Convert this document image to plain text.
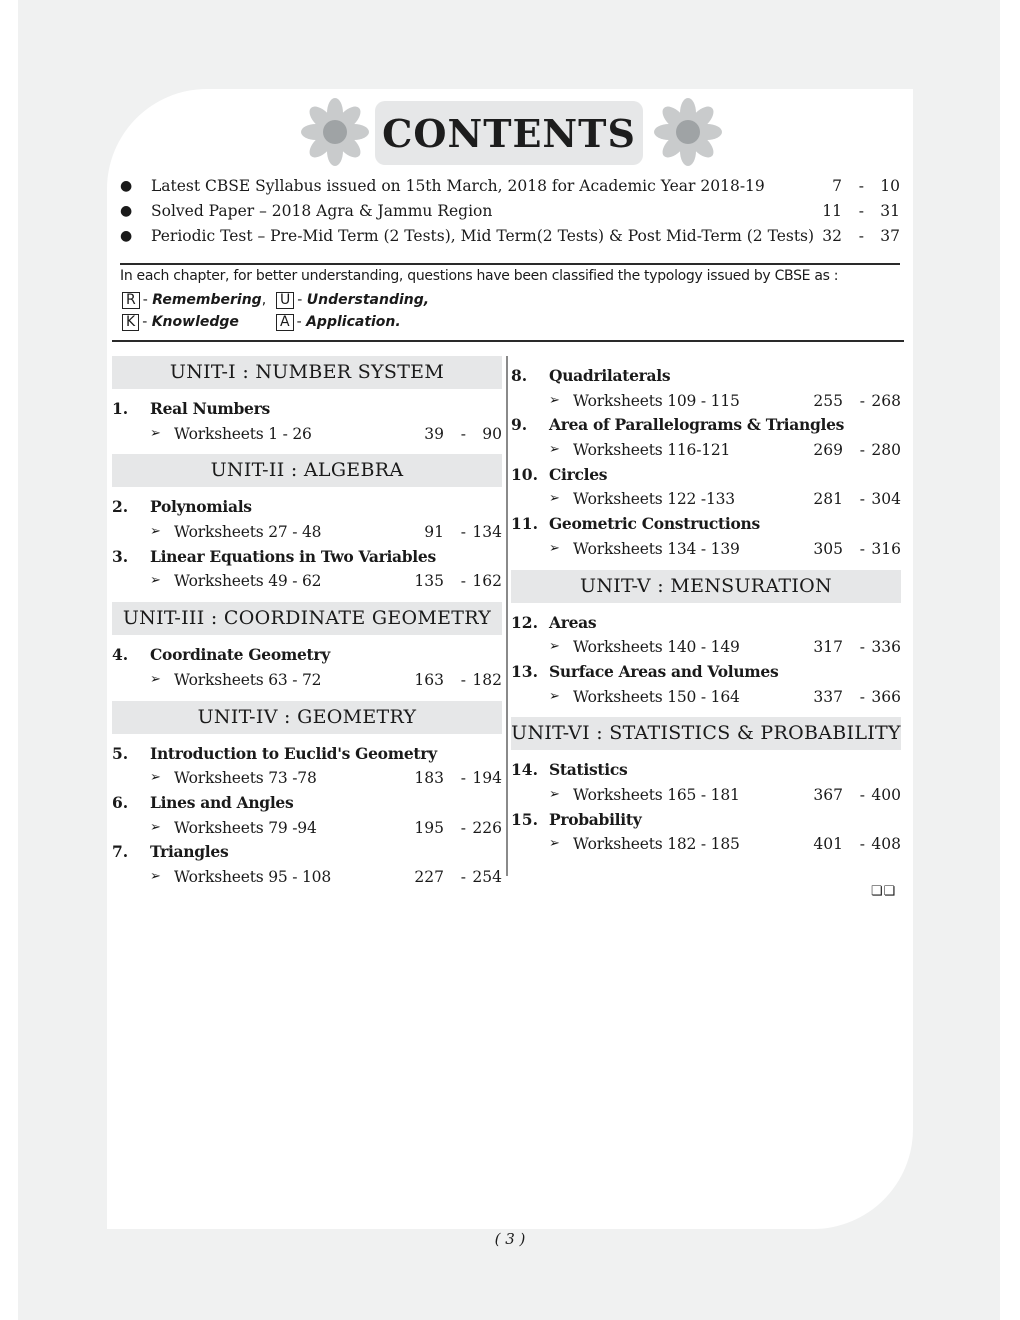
CONTENTS
● Latest CBSE Syllabus issued on 15th March, 2018 for Academic Year 2018-19	7 - 10
● Solved Paper – 2018 Agra & Jammu Region	11 - 31
● Periodic Test – Pre-Mid Term (2 Tests), Mid Term(2 Tests) & Post Mid-Term (2 Tests) 32 - 37
In each chapter, for better understanding, questions have been classified the typology issued by CBSE as :
R - Remembering, U - Understanding,
K - Knowledge	A - Application.
UNIT-I : NUMBER SYSTEM
1. Real Numbers
➢ Worksheets 1 - 26	39 - 90
UNIT-II : ALGEBRA
2. Polynomials
➢ Worksheets 27 - 48	91 - 134
3. Linear Equations in Two Variables
➢ Worksheets 49 - 62	135 - 162
UNIT-III : COORDINATE GEOMETRY
4. Coordinate Geometry
➢ Worksheets 63 - 72	163 - 182
UNIT-IV : GEOMETRY
5. Introduction to Euclid's Geometry
➢ Worksheets 73 -78	183 - 194
6. Lines and Angles
➢ Worksheets 79 -94	195 - 226
7. Triangles
➢ Worksheets 95 - 108	227 - 254
8. Quadrilaterals
➢ Worksheets 109 - 115	255 - 268
9. Area of Parallelograms & Triangles
➢ Worksheets 116-121	269 - 280
10. Circles
➢ Worksheets 122 -133	281 - 304
11. Geometric Constructions
➢ Worksheets 134 - 139	305 - 316
UNIT-V : MENSURATION
12. Areas
➢ Worksheets 140 - 149	317 - 336
13. Surface Areas and Volumes
➢ Worksheets 150 - 164	337 - 366
UNIT-VI : STATISTICS & PROBABILITY
14. Statistics
➢ Worksheets 165 - 181	367 - 400
15. Probability
➢ Worksheets 182 - 185	401 - 408
❏❏
( 3 )
